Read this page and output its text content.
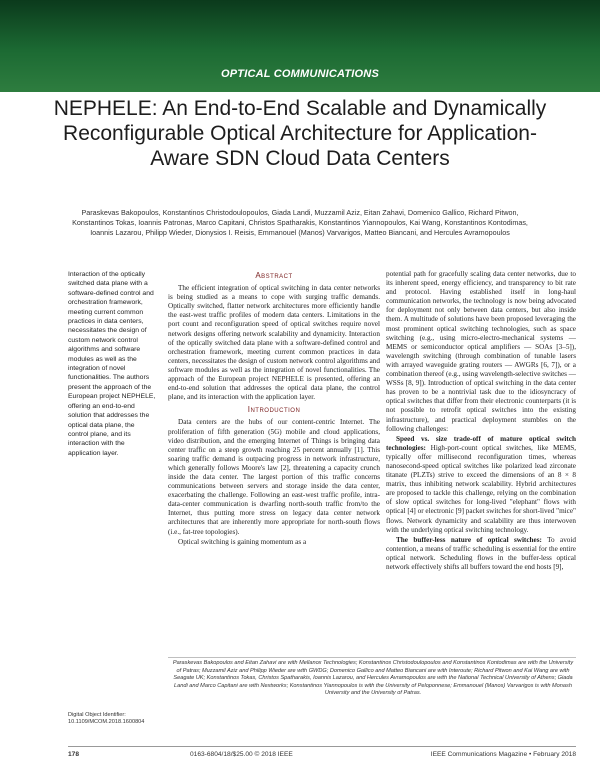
OPTICAL COMMUNICATIONS
NEPHELE: An End-to-End Scalable and Dynamically Reconfigurable Optical Architecture for Application-Aware SDN Cloud Data Centers
Paraskevas Bakopoulos, Konstantinos Christodoulopoulos, Giada Landi, Muzzamil Aziz, Eitan Zahavi, Domenico Gallico, Richard Pitwon, Konstantinos Tokas, Ioannis Patronas, Marco Capitani, Christos Spatharakis, Konstantinos Yiannopoulos, Kai Wang, Konstantinos Kontodimas, Ioannis Lazarou, Philipp Wieder, Dionysios I. Reisis, Emmanouel (Manos) Varvarigos, Matteo Biancani, and Hercules Avramopoulos
Interaction of the optically switched data plane with a software-defined control and orchestration framework, meeting current common practices in data centers, necessitates the design of custom network control algorithms and software modules as well as the integration of novel functionalities. The authors present the approach of the European project NEPHELE, offering an end-to-end solution that addresses the optical data plane, the control plane, and its interaction with the application layer.
Abstract

The efficient integration of optical switching in data center networks is being studied as a means to cope with surging traffic demands. Optically switched, flatter network architectures more efficiently handle the east-west traffic profiles of modern data centers. Limitations in the port count and reconfiguration speed of optical switches require novel network designs offering network scalability and dynamicity. Interaction of the optically switched data plane with a software-defined control and orchestration framework, meeting current common practices in data centers, necessitates the design of custom network control algorithms and software modules as well as the integration of novel functionalities. The approach of the European project NEPHELE is presented, offering an end-to-end solution that addresses the optical data plane, the control plane, and its interaction with the application layer.

Introduction

Data centers are the hubs of our content-centric Internet. The proliferation of fifth generation (5G) mobile and cloud applications, video distribution, and the emerging Internet of Things is bringing data center traffic on a steep growth reaching 25 percent annually [1]. This soaring traffic demand is outpacing progress in network infrastructure, which generally follows Moore's law [2], threatening a capacity crunch inside the data center. The largest portion of this traffic concerns communications between servers and storage inside the data center, exacerbating the challenge. Following an east-west traffic profile, intra-data-center communication is dwarfing north-south traffic from/to the Internet, thus putting more stress on legacy data center network architectures that are inherently more appropriate for north-south flows (i.e., fat-tree topologies).

Optical switching is gaining momentum as a

potential path for gracefully scaling data center networks, due to its inherent speed, energy efficiency, and transparency to bit rate and protocol. Having established itself in long-haul communication networks, the technology is now being advocated for deployment not only between data centers, but also inside them. A multitude of solutions have been proposed leveraging the most prominent optical switching technologies, such as space switching (e.g., using micro-electro-mechanical systems — MEMS or semiconductor optical amplifiers — SOAs [3–5]), wavelength switching (through combination of tunable lasers with arrayed waveguide grating routers — AWGRs [6, 7]), or a combination thereof (e.g., using wavelength-selective switches — WSSs [8, 9]). Introduction of optical switching in the data center has proven to be a nontrivial task due to the idiosyncracy of optical switches that differ from their electronic counterparts (it is not possible to retrofit optical switches into the existing infrastructure), and practical deployment stumbles on the following challenges:

Speed vs. size trade-off of mature optical switch technologies: High-port-count optical switches, like MEMS, typically offer millisecond reconfiguration times, whereas nanosecond-speed optical switches like polarized lead zirconate titanate (PLZTs) strive to exceed the dimensions of an 8 × 8 matrix, thus inhibiting network scalability. Hybrid architectures are proposed to tackle this challenge, relying on the combination of slow optical switches for long-lived "elephant" flows with optical [4] or electronic [9] packet switches for short-lived "mice" flows. Network dynamicity and scalability are thus interwoven with the underlying optical switching technology.

The buffer-less nature of optical switches: To avoid contention, a means of traffic scheduling is essential for the entire optical network. Scheduling flows in the buffer-less optical network effectively shifts all buffers toward the end hosts [9],

Paraskevas Bakopoulos and Eitan Zahavi are with Mellanox Technologies; Konstantinos Christodoulopoulos and Konstantinos Kontodimas are with the University of Patras; Muzzamil Aziz and Philipp Wieder are with GWDG; Domenico Gallico and Matteo Biancani are with Interoute; Richard Pitwon and Kai Wang are with Seagate UK; Konstantinos Tokas, Christos Spatharakis, Ioannis Lazarou, and Hercules Avramopoulos are with the National Technical University of Athens; Giada Landi and Marco Capitani are with Nextworks; Konstantinos Yiannopoulos is with the University of Peloponnese; Emmanouel (Manos) Varvarigos is with Monash University and the University of Patras.
Digital Object Identifier:
10.1109/MCOM.2018.1600804
178	0163-6804/18/$25.00 © 2018 IEEE	IEEE Communications Magazine • February 2018
